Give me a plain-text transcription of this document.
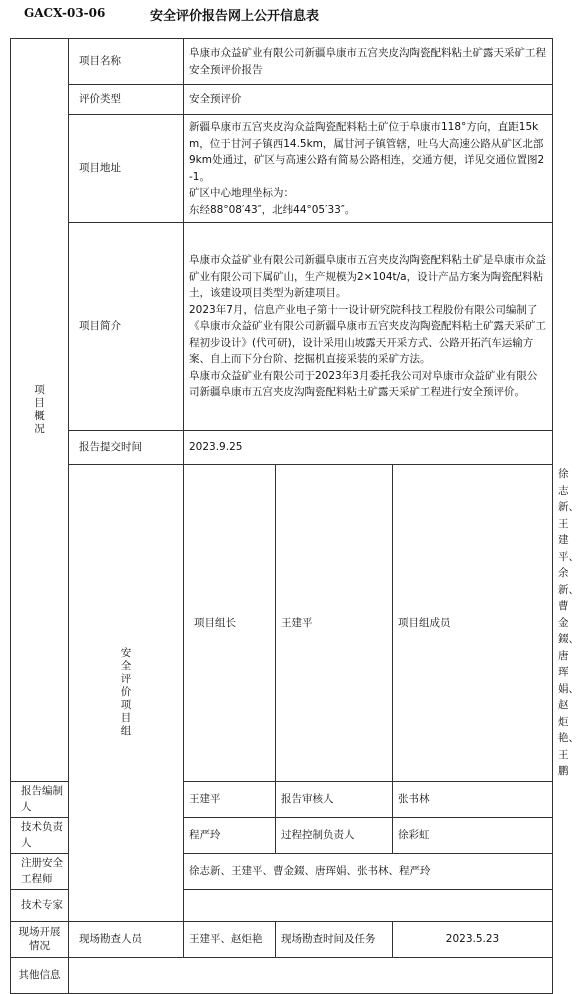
GACX-03-06	安全评价报告网上公开信息表
项目概况	项目名称	阜康市众益矿业有限公司新疆阜康市五宫夹皮沟陶瓷配料粘土矿露天采矿工程安全预评价报告			
	评价类型	安全预评价			
	项目地址	新疆阜康市五宫夹皮沟众益陶瓷配料粘土矿位于阜康市118°方向，直距15km，位于甘河子镇西14.5km，属甘河子镇管辖，吐乌大高速公路从矿区北部9km处通过，矿区与高速公路有简易公路相连，交通方便，详见交通位置图2-1。
矿区中心地理坐标为：
东经88°08′43″，北纬44°05′33″。			

	项目简介	阜康市众益矿业有限公司新疆阜康市五宫夹皮沟陶瓷配料粘土矿是阜康市众益矿业有限公司下属矿山，生产规模为2×104t/a，设计产品方案为陶瓷配料粘土，该建设项目类型为新建项目。
2023年7月，信息产业电子第十一设计研究院科技工程股份有限公司编制了《阜康市众益矿业有限公司新疆阜康市五宫夹皮沟陶瓷配料粘土矿露天采矿工程初步设计》(代可研)，设计采用山坡露天开采方式、公路开拓汽车运输方案、自上而下分台阶、挖掘机直接采装的采矿方法。
阜康市众益矿业有限公司于2023年3月委托我公司对阜康市众益矿业有限公司新疆阜康市五宫夹皮沟陶瓷配料粘土矿露天采矿工程进行安全预评价。			

	报告提交时间	2023.9.25			
	安全评价项目组	项目组长	王建平	项目组成员	徐志新、王建平、余新、曹金錣、唐珲娟、赵炬艳、王鹏
报告编制人		王建平	报告审核人	张书林	
技术负责人		程严玲	过程控制负责人	徐彩虹	
注册安全工程师		徐志新、王建平、曹金錣、唐珲娟、张书林、程严玲			
技术专家					
现场开展情况	现场勘查人员	王建平、赵炬艳	现场勘查时间及任务	2023.5.23	
其他信息					
